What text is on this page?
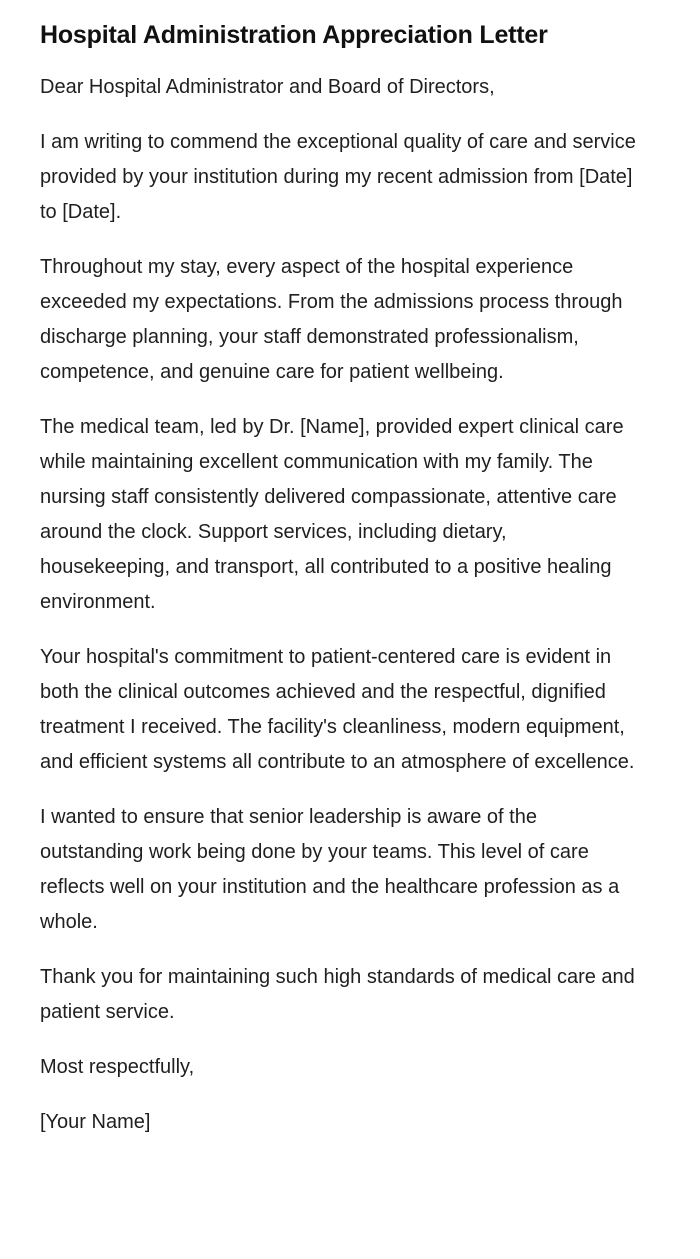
Hospital Administration Appreciation Letter

Dear Hospital Administrator and Board of Directors,

I am writing to commend the exceptional quality of care and service provided by your institution during my recent admission from [Date] to [Date].

Throughout my stay, every aspect of the hospital experience exceeded my expectations. From the admissions process through discharge planning, your staff demonstrated professionalism, competence, and genuine care for patient wellbeing.

The medical team, led by Dr. [Name], provided expert clinical care while maintaining excellent communication with my family. The nursing staff consistently delivered compassionate, attentive care around the clock. Support services, including dietary, housekeeping, and transport, all contributed to a positive healing environment.

Your hospital's commitment to patient-centered care is evident in both the clinical outcomes achieved and the respectful, dignified treatment I received. The facility's cleanliness, modern equipment, and efficient systems all contribute to an atmosphere of excellence.

I wanted to ensure that senior leadership is aware of the outstanding work being done by your teams. This level of care reflects well on your institution and the healthcare profession as a whole.

Thank you for maintaining such high standards of medical care and patient service.

Most respectfully,

[Your Name]
